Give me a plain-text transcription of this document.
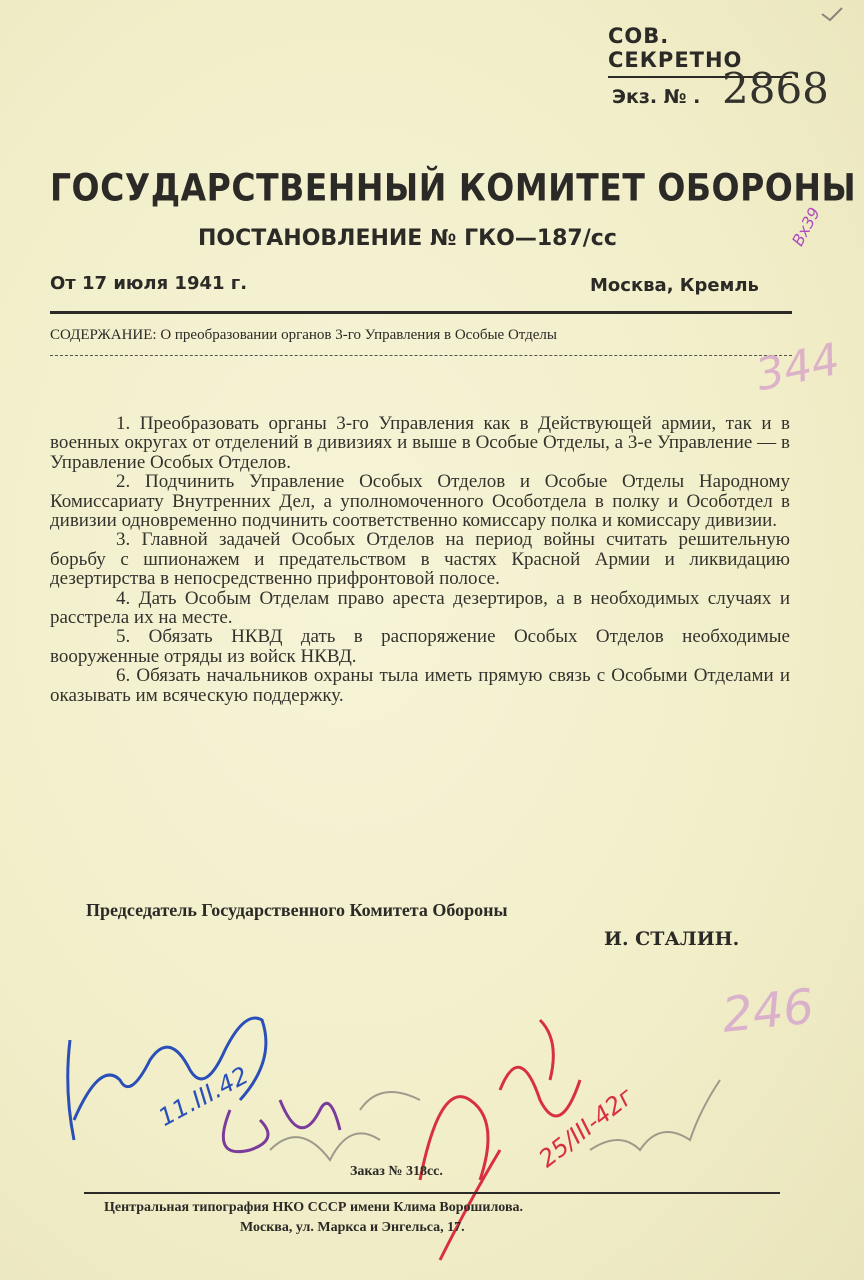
СОВ. СЕКРЕТНО
Экз. № . 2868
ГОСУДАРСТВЕННЫЙ КОМИТЕТ ОБОРОНЫ
ПОСТАНОВЛЕНИЕ № ГКО—187/сс
От 17 июля 1941 г.	Москва, Кремль
СОДЕРЖАНИЕ: О преобразовании органов 3-го Управления в Особые Отделы

1. Преобразовать органы 3-го Управления как в Действующей армии, так и в военных округах от отделений в дивизиях и выше в Особые Отделы, а 3-е Управление — в Управление Особых Отделов.

2. Подчинить Управление Особых Отделов и Особые Отделы Народному Комиссариату Внутренних Дел, а уполномоченного Особотдела в полку и Особотдел в дивизии одновременно подчинить соответственно комиссару полка и комиссару дивизии.

3. Главной задачей Особых Отделов на период войны считать решительную борьбу с шпионажем и предательством в частях Красной Армии и ликвидацию дезертирства в непосредственно прифронтовой полосе.

4. Дать Особым Отделам право ареста дезертиров, а в необходимых случаях и расстрела их на месте.

5. Обязать НКВД дать в распоряжение Особых Отделов необходимые вооруженные отряды из войск НКВД.

6. Обязать начальников охраны тыла иметь прямую связь с Особыми Отделами и оказывать им всяческую поддержку.

Председатель Государственного Комитета Обороны
И. СТАЛИН.
Вх39
344
246
11.III.42	25/III-42г
Заказ № 318сс.
Центральная типография НКО СССР имени Клима Ворошилова.
Москва, ул. Маркса и Энгельса, 17.
